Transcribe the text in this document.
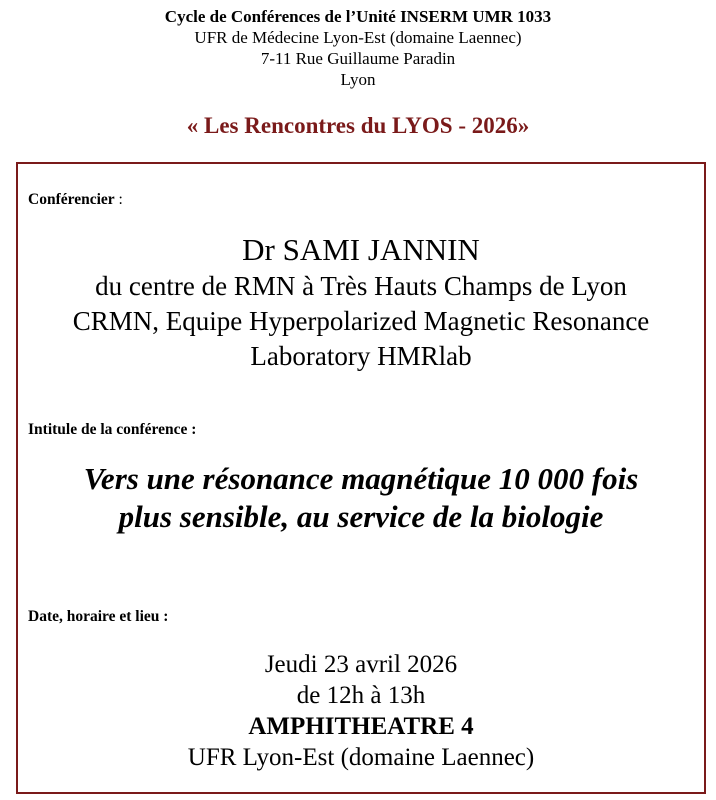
Cycle de Conférences de l’Unité INSERM UMR 1033
UFR de Médecine Lyon-Est (domaine Laennec)
7-11 Rue Guillaume Paradin
Lyon
« Les Rencontres du LYOS - 2026»
Conférencier :
Dr SAMI JANNIN
du centre de RMN à Très Hauts Champs de Lyon
CRMN, Equipe Hyperpolarized Magnetic Resonance
Laboratory HMRlab
Intitule de la conférence :
Vers une résonance magnétique 10 000 fois
plus sensible, au service de la biologie
Date, horaire et lieu :
Jeudi 23 avril 2026
de 12h à 13h
AMPHITHEATRE 4
UFR Lyon-Est (domaine Laennec)
